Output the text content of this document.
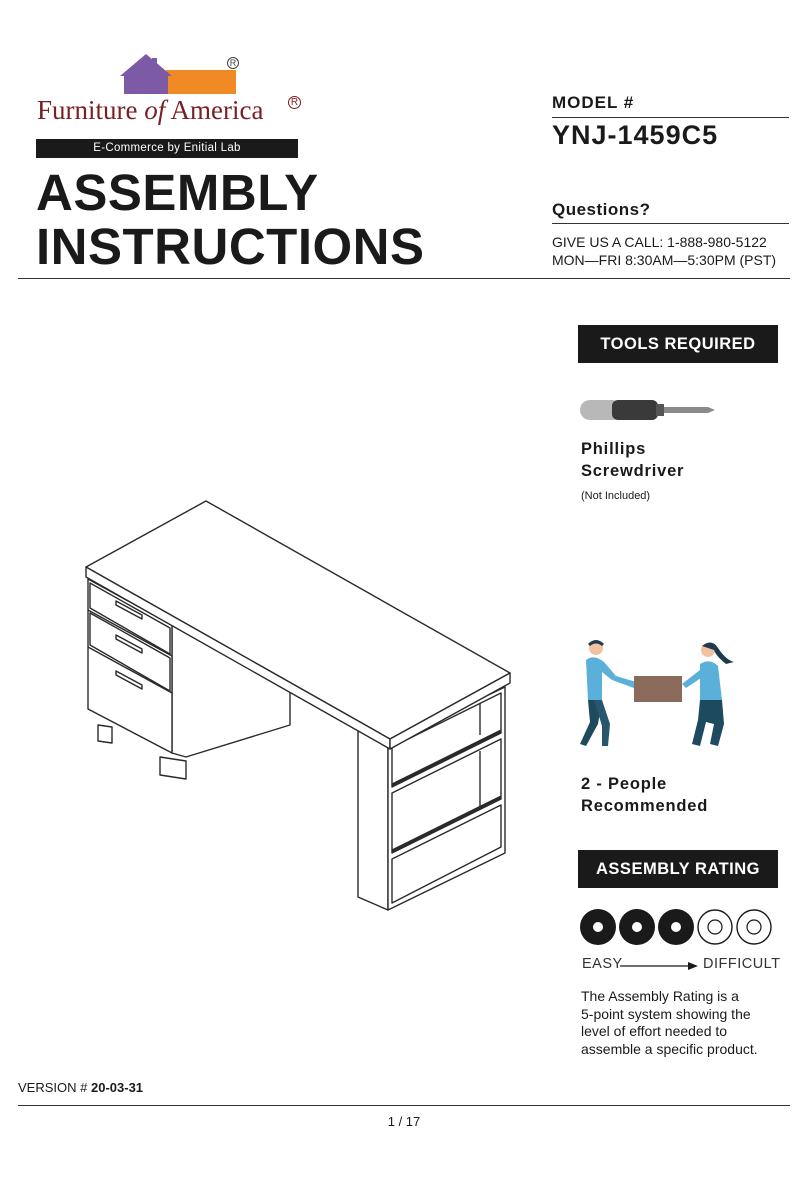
R
Furniture of America	R
E-Commerce by Enitial Lab
ASSEMBLY
INSTRUCTIONS
MODEL #
YNJ-1459C5
Questions?
GIVE US A CALL: 1-888-980-5122
MON—FRI 8:30AM—5:30PM (PST)
TOOLS REQUIRED
Phillips
Screwdriver
(Not Included)
2 - People
Recommended
ASSEMBLY RATING
EASY	DIFFICULT
The Assembly Rating is a
5-point system showing the
level of effort needed to
assemble a specific product.
VERSION # 20-03-31
1 / 17
